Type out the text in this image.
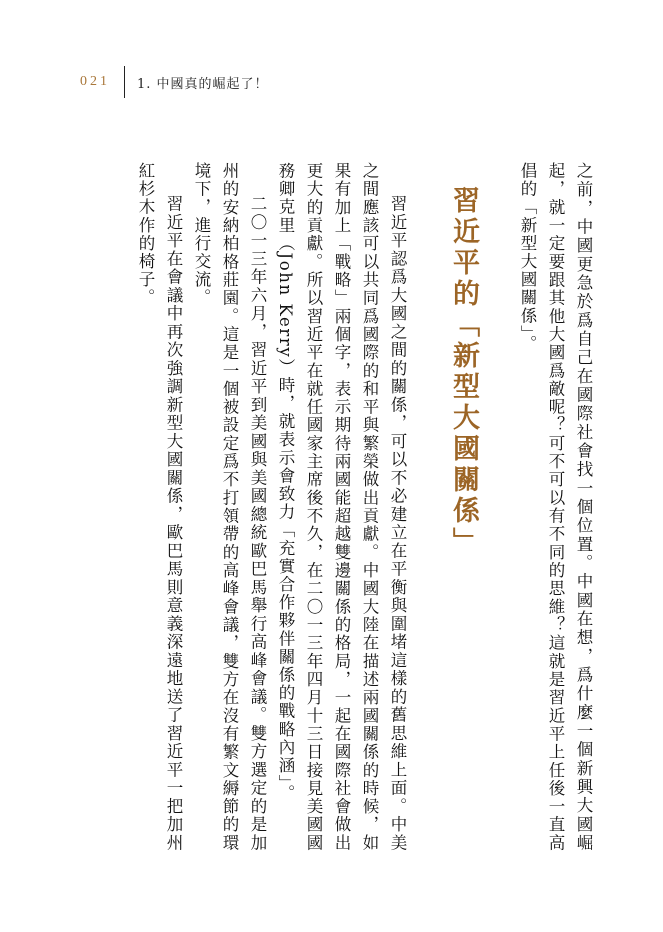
021 1. 中國真的崛起了！

之前，中國更急於爲自己在國際社會找一個位置。中國在想，爲什麼一個新興大國崛起，就一定要跟其他大國爲敵呢？可不可以有不同的思維？這就是習近平上任後一直高倡的「新型大國關係」。

習近平的「新型大國關係」

習近平認爲大國之間的關係，可以不必建立在平衡與圍堵這樣的舊思維上面。中美之間應該可以共同爲國際的和平與繁榮做出貢獻。中國大陸在描述兩國關係的時候，如果有加上「戰略」兩個字，表示期待兩國能超越雙邊關係的格局，一起在國際社會做出更大的貢獻。所以習近平在就任國家主席後不久，在二〇一三年四月十三日接見美國國務卿克里（John Kerry）時，就表示會致力「充實合作夥伴關係的戰略內涵」。

二〇一三年六月，習近平到美國與美國總統歐巴馬舉行高峰會議。雙方選定的是加州的安納柏格莊園。這是一個被設定爲不打領帶的高峰會議，雙方在沒有繁文縟節的環境下，進行交流。

習近平在會議中再次強調新型大國關係，歐巴馬則意義深遠地送了習近平一把加州紅杉木作的椅子。
